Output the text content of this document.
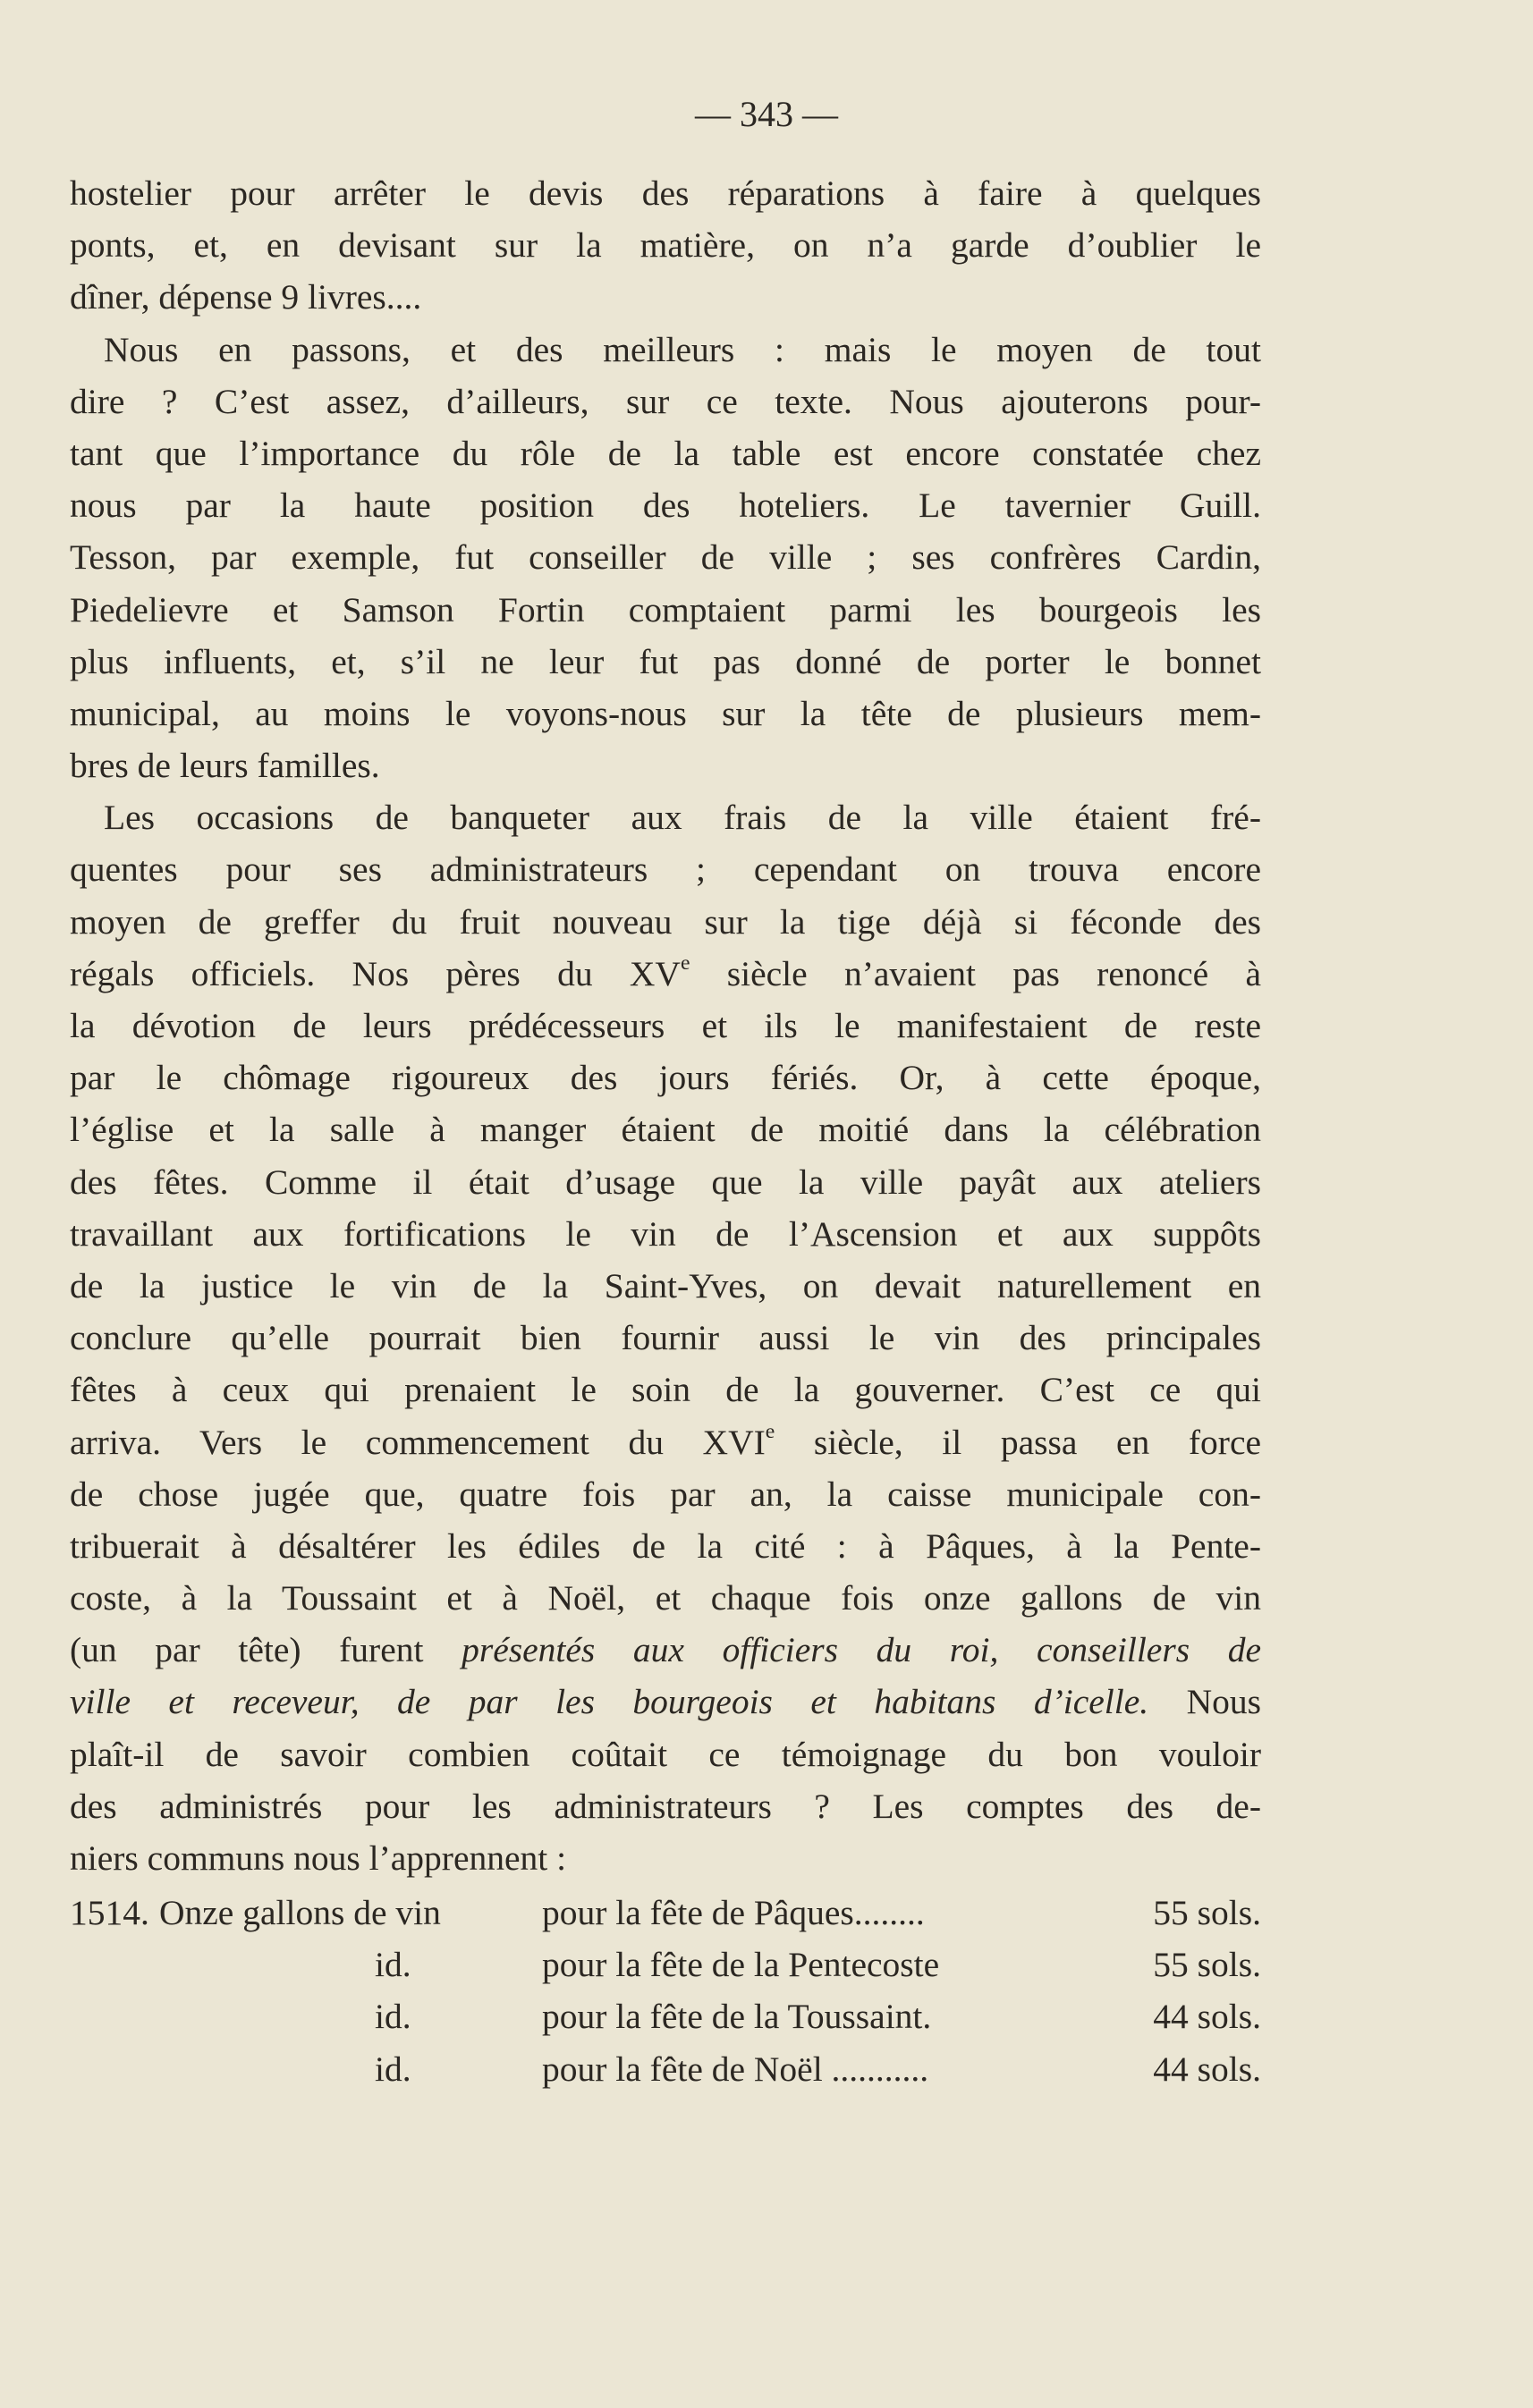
— 343 —
hostelier pour arrêter le devis des réparations à faire à quelques
ponts, et, en devisant sur la matière, on n’a garde d’oublier le
dîner, dépense 9 livres....
Nous en passons, et des meilleurs : mais le moyen de tout
dire ? C’est assez, d’ailleurs, sur ce texte. Nous ajouterons pour-
tant que l’importance du rôle de la table est encore constatée chez
nous par la haute position des hoteliers. Le tavernier Guill.
Tesson, par exemple, fut conseiller de ville ; ses confrères Cardin,
Piedelievre et Samson Fortin comptaient parmi les bourgeois les
plus influents, et, s’il ne leur fut pas donné de porter le bonnet
municipal, au moins le voyons-nous sur la tête de plusieurs mem-
bres de leurs familles.
Les occasions de banqueter aux frais de la ville étaient fré-
quentes pour ses administrateurs ; cependant on trouva encore
moyen de greffer du fruit nouveau sur la tige déjà si féconde des
régals officiels. Nos pères du XVe siècle n’avaient pas renoncé à
la dévotion de leurs prédécesseurs et ils le manifestaient de reste
par le chômage rigoureux des jours fériés. Or, à cette époque,
l’église et la salle à manger étaient de moitié dans la célébration
des fêtes. Comme il était d’usage que la ville payât aux ateliers
travaillant aux fortifications le vin de l’Ascension et aux suppôts
de la justice le vin de la Saint-Yves, on devait naturellement en
conclure qu’elle pourrait bien fournir aussi le vin des principales
fêtes à ceux qui prenaient le soin de la gouverner. C’est ce qui
arriva. Vers le commencement du XVIe siècle, il passa en force
de chose jugée que, quatre fois par an, la caisse municipale con-
tribuerait à désaltérer les édiles de la cité : à Pâques, à la Pente-
coste, à la Toussaint et à Noël, et chaque fois onze gallons de vin
(un par tête) furent présentés aux officiers du roi, conseillers de
ville et receveur, de par les bourgeois et habitans d’icelle. Nous
plaît-il de savoir combien coûtait ce témoignage du bon vouloir
des administrés pour les administrateurs ? Les comptes des de-
niers communs nous l’apprennent :
1514. Onze gallons de vin	pour la fête de Pâques........	55 sols.
id.	pour la fête de la Pentecoste	55 sols.
id.	pour la fête de la Toussaint.	44 sols.
id.	pour la fête de Noël ...........	44 sols.
